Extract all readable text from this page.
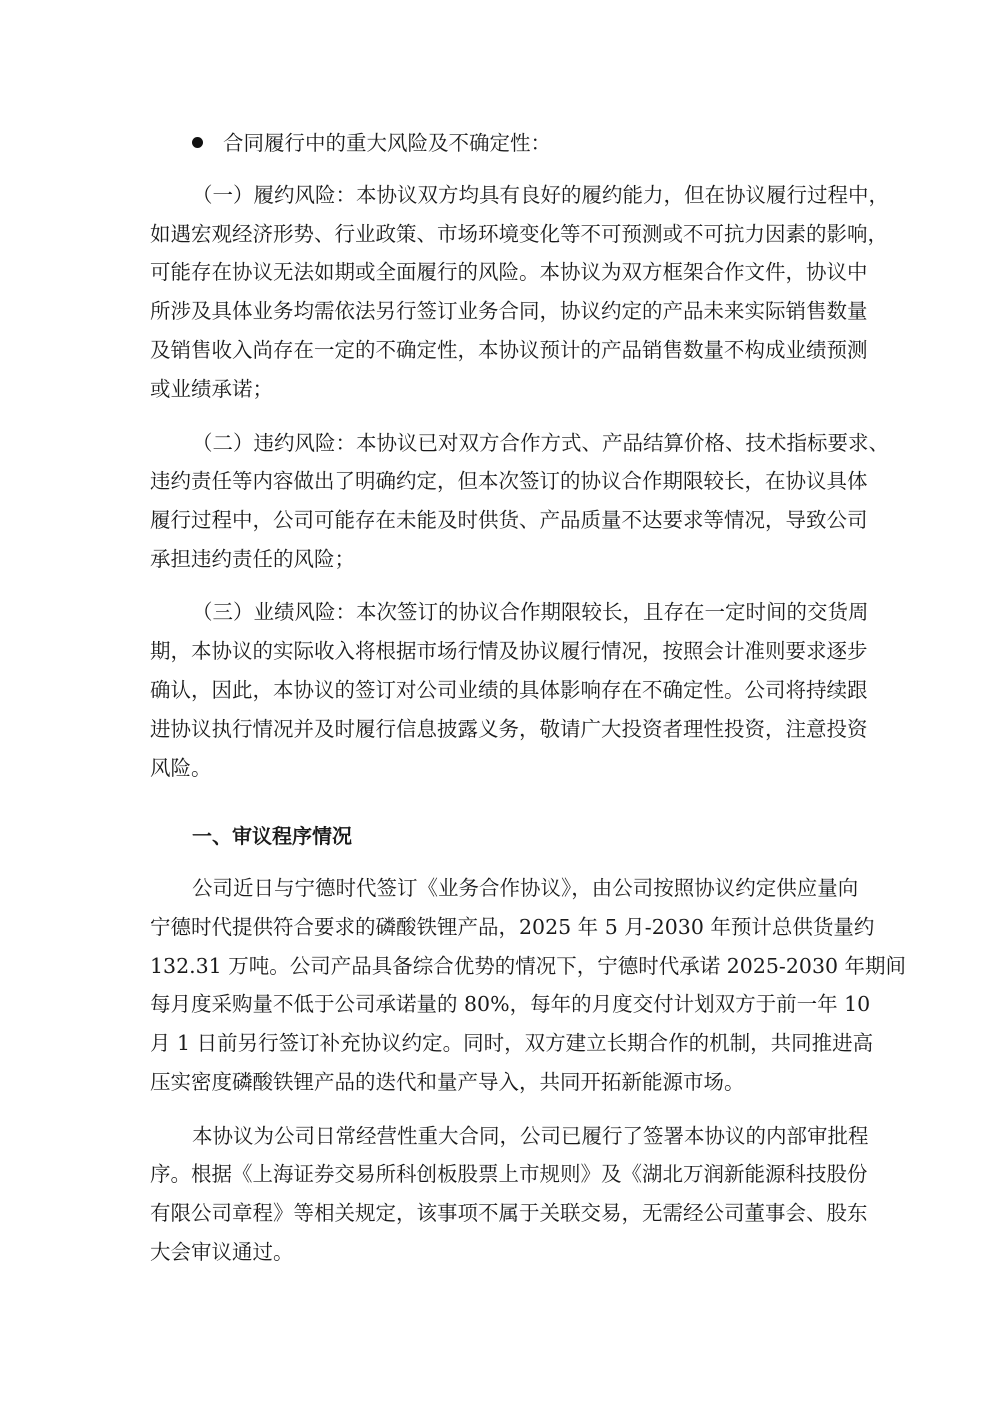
合同履行中的重大风险及不确定性：
（一）履约风险：本协议双方均具有良好的履约能力，但在协议履行过程中，
如遇宏观经济形势、行业政策、市场环境变化等不可预测或不可抗力因素的影响，
可能存在协议无法如期或全面履行的风险。本协议为双方框架合作文件，协议中
所涉及具体业务均需依法另行签订业务合同，协议约定的产品未来实际销售数量
及销售收入尚存在一定的不确定性，本协议预计的产品销售数量不构成业绩预测
或业绩承诺；
（二）违约风险：本协议已对双方合作方式、产品结算价格、技术指标要求、
违约责任等内容做出了明确约定，但本次签订的协议合作期限较长，在协议具体
履行过程中，公司可能存在未能及时供货、产品质量不达要求等情况，导致公司
承担违约责任的风险；
（三）业绩风险：本次签订的协议合作期限较长，且存在一定时间的交货周
期，本协议的实际收入将根据市场行情及协议履行情况，按照会计准则要求逐步
确认，因此，本协议的签订对公司业绩的具体影响存在不确定性。公司将持续跟
进协议执行情况并及时履行信息披露义务，敬请广大投资者理性投资，注意投资
风险。
一、审议程序情况
公司近日与宁德时代签订《业务合作协议》，由公司按照协议约定供应量向
宁德时代提供符合要求的磷酸铁锂产品，2025 年 5 月-2030 年预计总供货量约
132.31 万吨。公司产品具备综合优势的情况下，宁德时代承诺 2025-2030 年期间
每月度采购量不低于公司承诺量的 80%，每年的月度交付计划双方于前一年 10
月 1 日前另行签订补充协议约定。同时，双方建立长期合作的机制，共同推进高
压实密度磷酸铁锂产品的迭代和量产导入，共同开拓新能源市场。
本协议为公司日常经营性重大合同，公司已履行了签署本协议的内部审批程
序。根据《上海证券交易所科创板股票上市规则》及《湖北万润新能源科技股份
有限公司章程》等相关规定，该事项不属于关联交易，无需经公司董事会、股东
大会审议通过。
